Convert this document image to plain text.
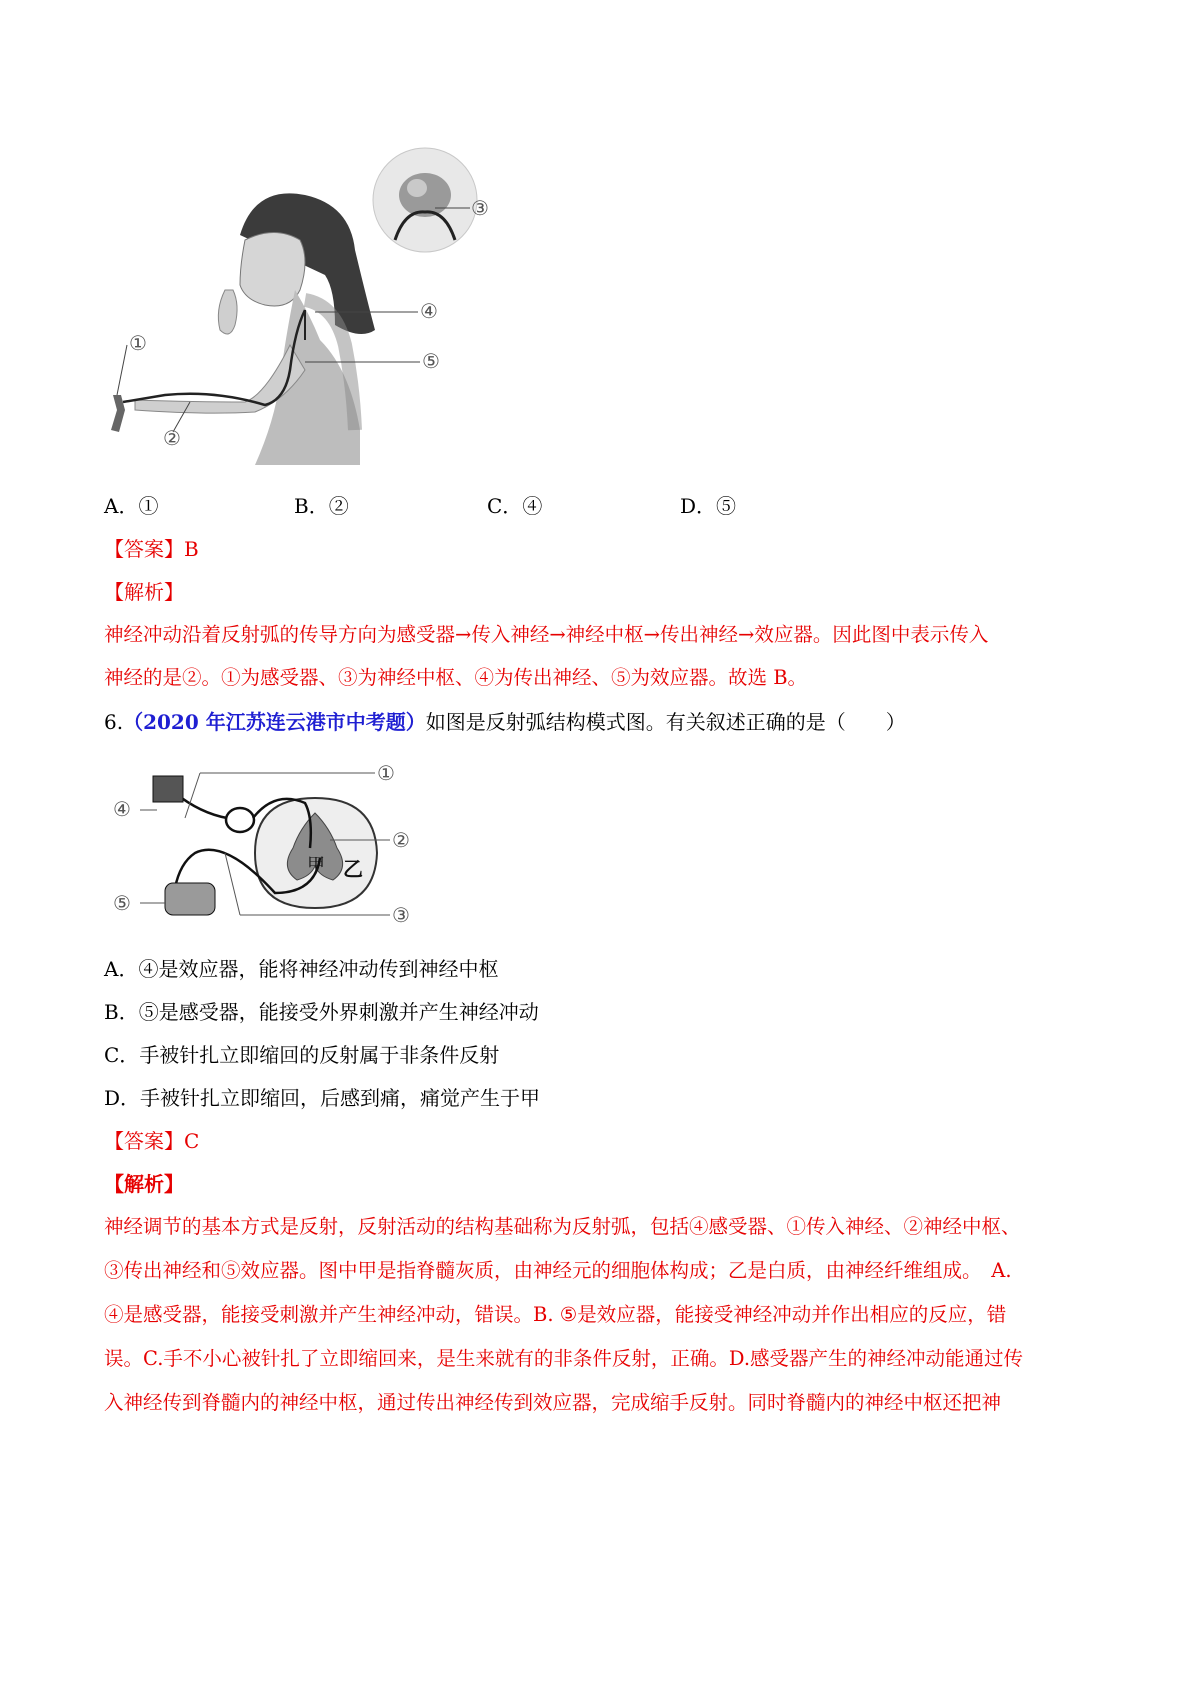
①
②
③
④
⑤
A．①	B．②	C．④	D．⑤
【答案】B
【解析】
神经冲动沿着反射弧的传导方向为感受器→传入神经→神经中枢→传出神经→效应器。因此图中表示传入
神经的是②。①为感受器、③为神经中枢、④为传出神经、⑤为效应器。故选 B。
6.（2020 年江苏连云港市中考题）如图是反射弧结构模式图。有关叙述正确的是（　　）
甲 乙
①
②
③
④
⑤
A．④是效应器，能将神经冲动传到神经中枢
B．⑤是感受器，能接受外界刺激并产生神经冲动
C．手被针扎立即缩回的反射属于非条件反射
D．手被针扎立即缩回，后感到痛，痛觉产生于甲
【答案】C
【解析】
神经调节的基本方式是反射，反射活动的结构基础称为反射弧，包括④感受器、①传入神经、②神经中枢、
③传出神经和⑤效应器。图中甲是指脊髓灰质，由神经元的细胞体构成；乙是白质，由神经纤维组成。　A.
④是感受器，能接受刺激并产生神经冲动，错误。B. ⑤是效应器，能接受神经冲动并作出相应的反应，错
误。C.手不小心被针扎了立即缩回来，是生来就有的非条件反射，正确。D.感受器产生的神经冲动能通过传
入神经传到脊髓内的神经中枢，通过传出神经传到效应器，完成缩手反射。同时脊髓内的神经中枢还把神
